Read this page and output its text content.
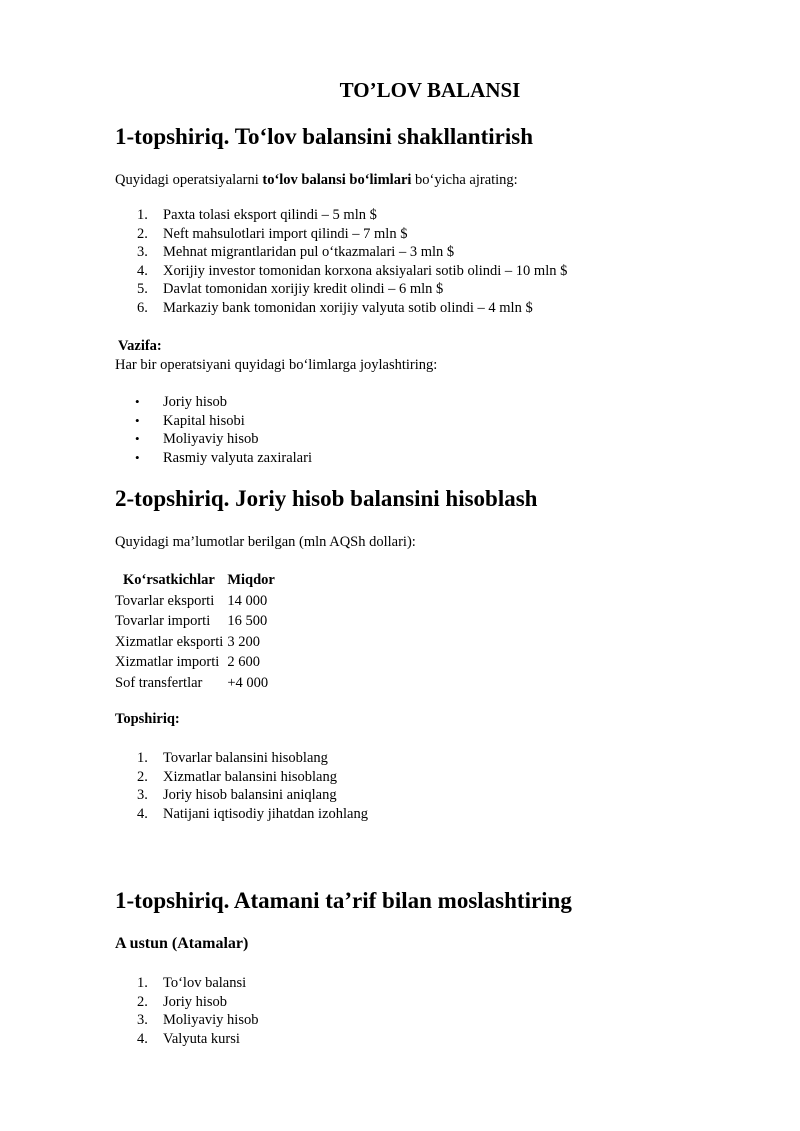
TO’LOV BALANSI
1-topshiriq. To‘lov balansini shakllantirish

Quyidagi operatsiyalarni to‘lov balansi bo‘limlari bo‘yicha ajrating:

1.	Paxta tolasi eksport qilindi – 5 mln $
2.	Neft mahsulotlari import qilindi – 7 mln $
3.	Mehnat migrantlaridan pul o‘tkazmalari – 3 mln $
4.	Xorijiy investor tomonidan korxona aksiyalari sotib olindi – 10 mln $
5.	Davlat tomonidan xorijiy kredit olindi – 6 mln $
6.	Markaziy bank tomonidan xorijiy valyuta sotib olindi – 4 mln $

Vazifa:

Har bir operatsiyani quyidagi bo‘limlarga joylashtiring:

• Joriy hisob
• Kapital hisobi
• Moliyaviy hisob
• Rasmiy valyuta zaxiralari
2-topshiriq. Joriy hisob balansini hisoblash

Quyidagi ma’lumotlar berilgan (mln AQSh dollari):

Ko‘rsatkichlar	Miqdor
Tovarlar eksporti	14 000
Tovarlar importi	16 500
Xizmatlar eksporti	3 200
Xizmatlar importi	2 600
Sof transfertlar	+4 000

Topshiriq:

1.	Tovarlar balansini hisoblang
2.	Xizmatlar balansini hisoblang
3.	Joriy hisob balansini aniqlang
4.	Natijani iqtisodiy jihatdan izohlang
1-topshiriq. Atamani ta’rif bilan moslashtiring
A ustun (Atamalar)
1.	To‘lov balansi
2.	Joriy hisob
3.	Moliyaviy hisob
4.	Valyuta kursi
